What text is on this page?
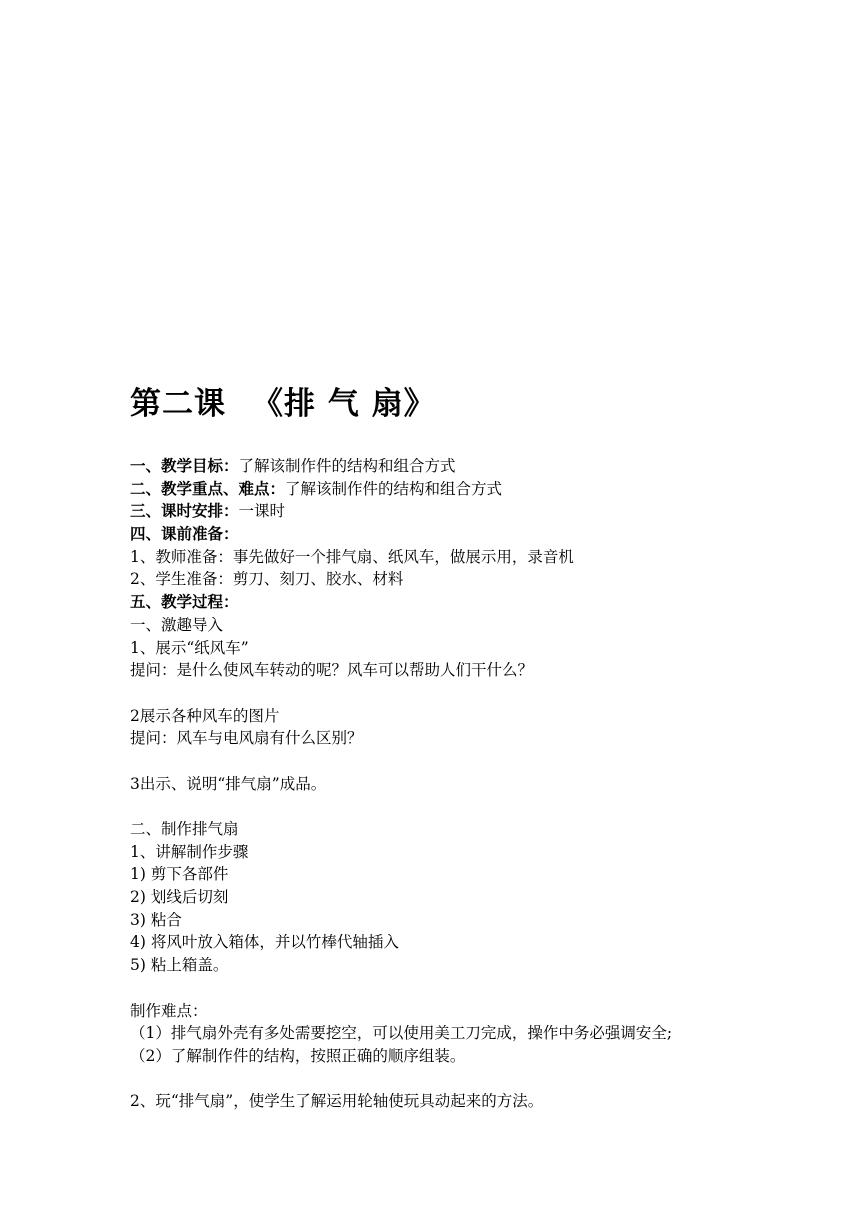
第二课 《排 气 扇》
一、教学目标：了解该制作件的结构和组合方式
二、教学重点、难点：了解该制作件的结构和组合方式
三、课时安排：一课时
四、课前准备：
1、教师准备：事先做好一个排气扇、纸风车，做展示用，录音机
2、学生准备：剪刀、刻刀、胶水、材料
五、教学过程：
一、激趣导入
1、展示“纸风车”
提问：是什么使风车转动的呢？风车可以帮助人们干什么？
2展示各种风车的图片
提问：风车与电风扇有什么区别？
3出示、说明“排气扇”成品。
二、制作排气扇
1、讲解制作步骤
1) 剪下各部件
2) 划线后切刻
3) 粘合
4) 将风叶放入箱体，并以竹棒代轴插入
5) 粘上箱盖。
制作难点：
（1）排气扇外壳有多处需要挖空，可以使用美工刀完成，操作中务必强调安全;
（2）了解制作件的结构，按照正确的顺序组装。
2、玩“排气扇”，使学生了解运用轮轴使玩具动起来的方法。
